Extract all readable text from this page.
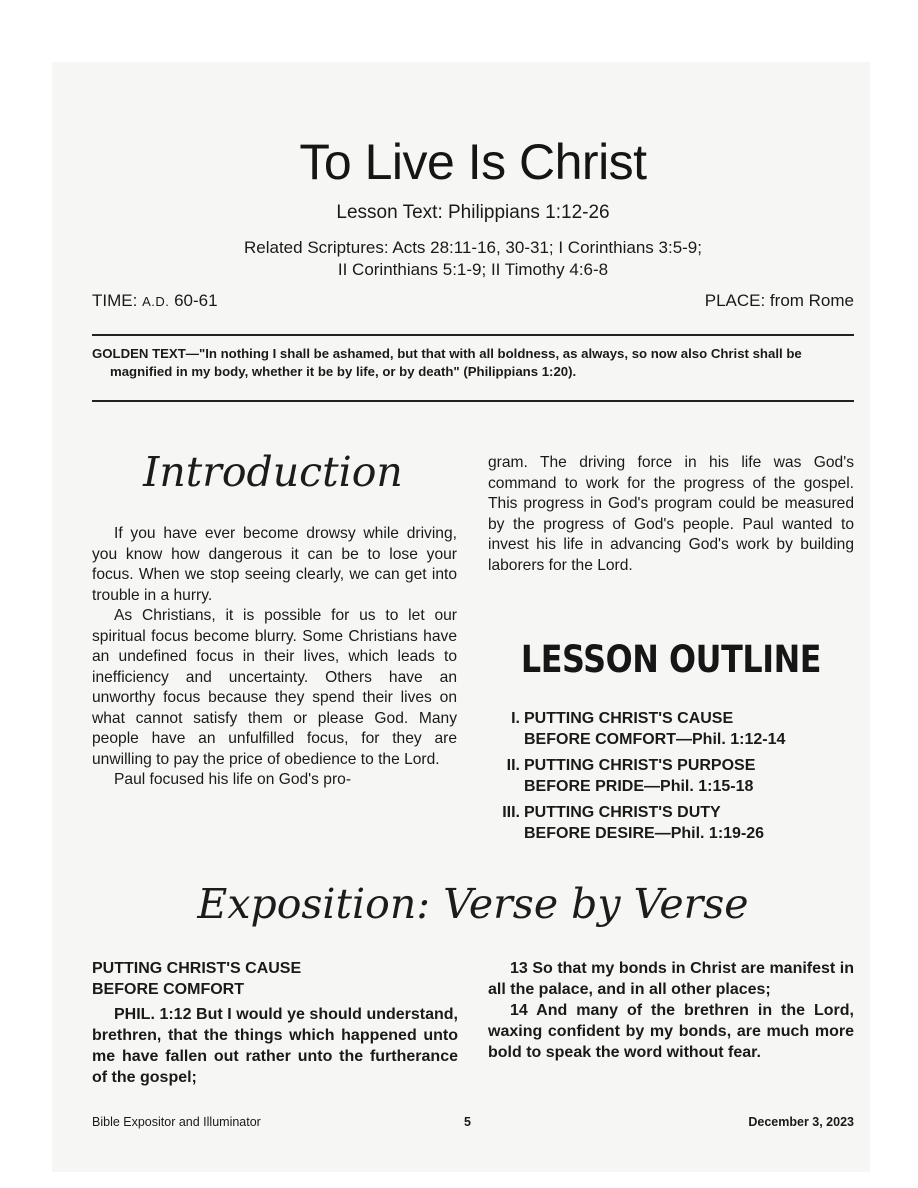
To Live Is Christ
Lesson Text: Philippians 1:12-26
Related Scriptures: Acts 28:11-16, 30-31; I Corinthians 3:5-9;
II Corinthians 5:1-9; II Timothy 4:6-8
TIME: A.D. 60-61	PLACE: from Rome
GOLDEN TEXT—"In nothing I shall be ashamed, but that with all boldness, as always, so now also Christ shall be magnified in my body, whether it be by life, or by death" (Philippians 1:20).
Introduction

If you have ever become drowsy while driving, you know how dangerous it can be to lose your focus. When we stop seeing clearly, we can get into trouble in a hurry.

As Christians, it is possible for us to let our spiritual focus become blurry. Some Christians have an undefined focus in their lives, which leads to inefficiency and uncertainty. Others have an unworthy focus because they spend their lives on what cannot satisfy them or please God. Many people have an unfulfilled focus, for they are unwilling to pay the price of obedience to the Lord.

Paul focused his life on God's pro-

gram. The driving force in his life was God's command to work for the progress of the gospel. This progress in God's program could be measured by the progress of God's people. Paul wanted to invest his life in advancing God's work by building laborers for the Lord.

LESSON OUTLINE
I. PUTTING CHRIST'S CAUSE
BEFORE COMFORT—Phil. 1:12-14
II. PUTTING CHRIST'S PURPOSE
BEFORE PRIDE—Phil. 1:15-18
III. PUTTING CHRIST'S DUTY
BEFORE DESIRE—Phil. 1:19-26
Exposition: Verse by Verse
PUTTING CHRIST'S CAUSE
BEFORE COMFORT

PHIL. 1:12 But I would ye should understand, brethren, that the things which happened unto me have fallen out rather unto the furtherance of the gospel;

13 So that my bonds in Christ are manifest in all the palace, and in all other places;

14 And many of the brethren in the Lord, waxing confident by my bonds, are much more bold to speak the word without fear.

Bible Expositor and Illuminator	5	December 3, 2023
